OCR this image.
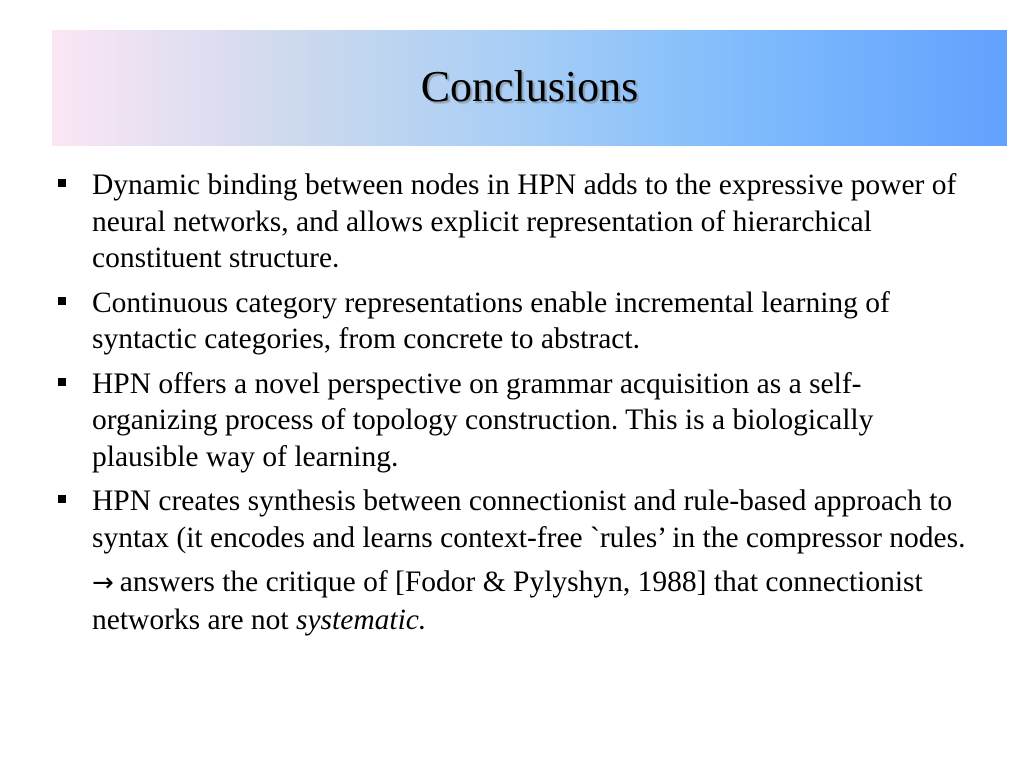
Conclusions
Dynamic binding between nodes in HPN adds to the expressive power of neural networks, and allows explicit representation of hierarchical constituent structure.
Continuous category representations enable incremental learning of syntactic categories, from concrete to abstract.
HPN offers a novel perspective on grammar acquisition as a self-organizing process of topology construction. This is a biologically plausible way of learning.
HPN creates synthesis between connectionist and rule-based approach to syntax (it encodes and learns context-free `rules’ in the compressor nodes.
→ answers the critique of [Fodor & Pylyshyn, 1988] that connectionist networks are not systematic.
